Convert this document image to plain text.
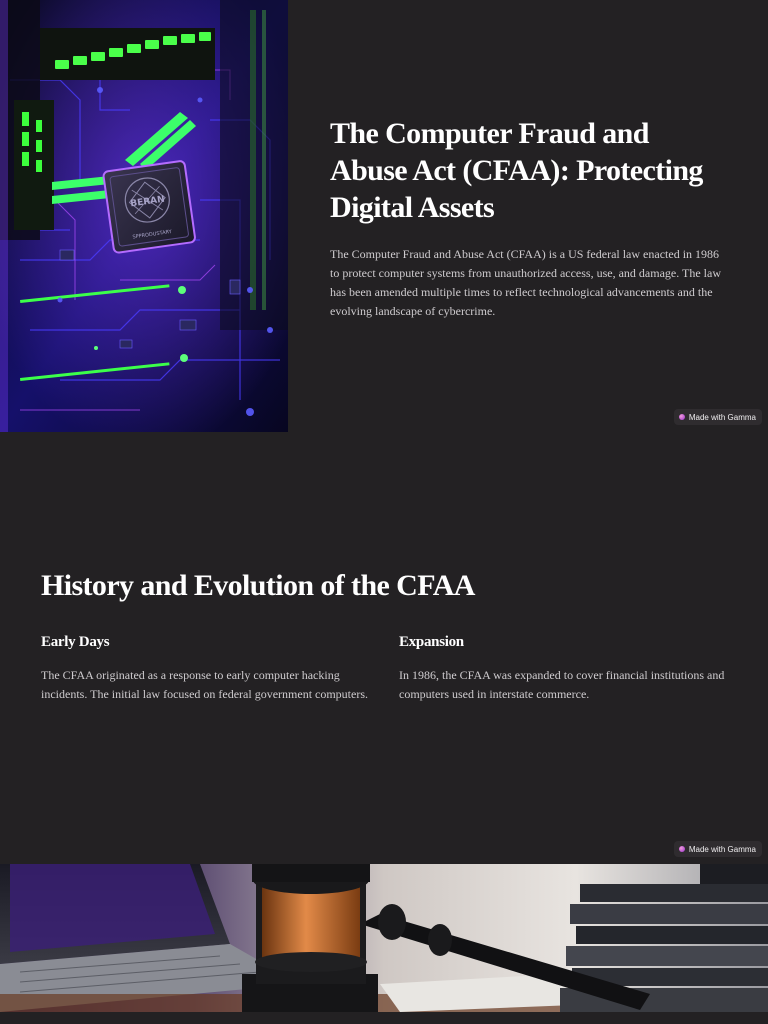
BERAN
SPPRODUSTARY
The Computer Fraud and Abuse Act (CFAA): Protecting Digital Assets

The Computer Fraud and Abuse Act (CFAA) is a US federal law enacted in 1986 to protect computer systems from unauthorized access, use, and damage. The law has been amended multiple times to reflect technological advancements and the evolving landscape of cybercrime.

Made with Gamma
History and Evolution of the CFAA
Early Days

The CFAA originated as a response to early computer hacking incidents. The initial law focused on federal government computers.

Expansion

In 1986, the CFAA was expanded to cover financial institutions and computers used in interstate commerce.

Made with Gamma
